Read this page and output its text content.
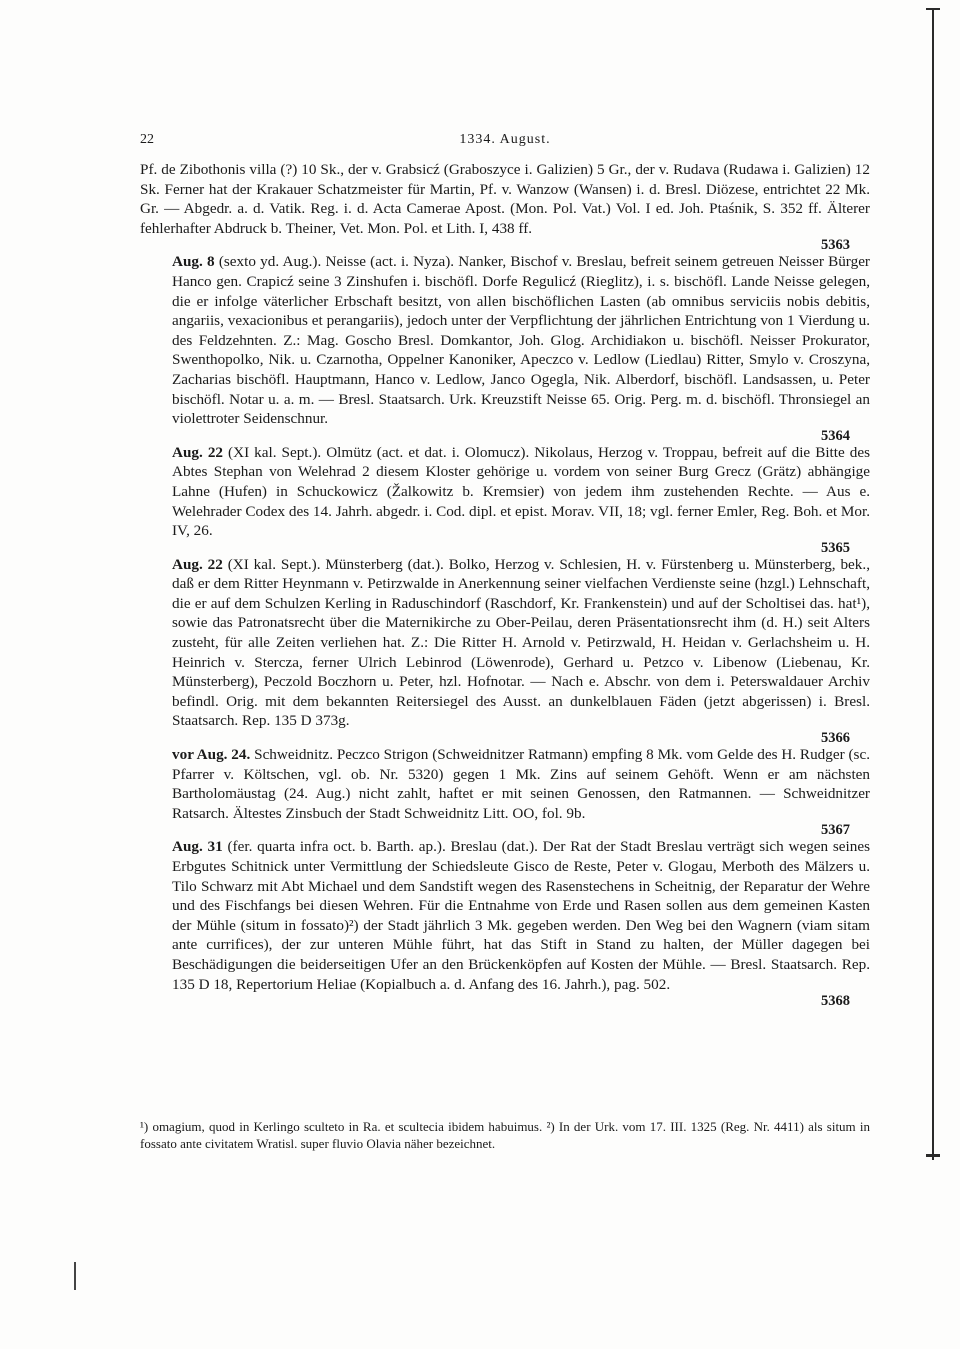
22	1334. August.

Pf. de Zibothonis villa (?) 10 Sk., der v. Grabsicź (Graboszyce i. Galizien) 5 Gr., der v. Rudava (Rudawa i. Galizien) 12 Sk. Ferner hat der Krakauer Schatzmeister für Martin, Pf. v. Wanzow (Wansen) i. d. Bresl. Diözese, entrichtet 22 Mk. Gr. — Abgedr. a. d. Vatik. Reg. i. d. Acta Camerae Apost. (Mon. Pol. Vat.) Vol. I ed. Joh. Ptaśnik, S. 352 ff. Älterer fehlerhafter Abdruck b. Theiner, Vet. Mon. Pol. et Lith. I, 438 ff.

5363

Aug. 8 (sexto yd. Aug.). Neisse (act. i. Nyza). Nanker, Bischof v. Breslau, befreit seinem getreuen Neisser Bürger Hanco gen. Crapicź seine 3 Zinshufen i. bischöfl. Dorfe Regulicź (Rieglitz), i. s. bischöfl. Lande Neisse gelegen, die er infolge väterlicher Erbschaft besitzt, von allen bischöflichen Lasten (ab omnibus serviciis nobis debitis, angariis, vexacionibus et perangariis), jedoch unter der Verpflichtung der jährlichen Entrichtung von 1 Vierdung u. des Feldzehnten. Z.: Mag. Goscho Bresl. Domkantor, Joh. Glog. Archidiakon u. bischöfl. Neisser Prokurator, Swenthopolko, Nik. u. Czarnotha, Oppelner Kanoniker, Apeczco v. Ledlow (Liedlau) Ritter, Smylo v. Croszyna, Zacharias bischöfl. Hauptmann, Hanco v. Ledlow, Janco Ogegla, Nik. Alberdorf, bischöfl. Landsassen, u. Peter bischöfl. Notar u. a. m. — Bresl. Staatsarch. Urk. Kreuzstift Neisse 65. Orig. Perg. m. d. bischöfl. Thronsiegel an violettroter Seidenschnur.

5364

Aug. 22 (XI kal. Sept.). Olmütz (act. et dat. i. Olomucz). Nikolaus, Herzog v. Troppau, befreit auf die Bitte des Abtes Stephan von Welehrad 2 diesem Kloster gehörige u. vordem von seiner Burg Grecz (Grätz) abhängige Lahne (Hufen) in Schuckowicz (Žalkowitz b. Kremsier) von jedem ihm zustehenden Rechte. — Aus e. Welehrader Codex des 14. Jahrh. abgedr. i. Cod. dipl. et epist. Morav. VII, 18; vgl. ferner Emler, Reg. Boh. et Mor. IV, 26.

5365

Aug. 22 (XI kal. Sept.). Münsterberg (dat.). Bolko, Herzog v. Schlesien, H. v. Fürstenberg u. Münsterberg, bek., daß er dem Ritter Heynmann v. Petirzwalde in Anerkennung seiner vielfachen Verdienste seine (hzgl.) Lehnschaft, die er auf dem Schulzen Kerling in Raduschindorf (Raschdorf, Kr. Frankenstein) und auf der Scholtisei das. hat¹), sowie das Patronatsrecht über die Maternikirche zu Ober-Peilau, deren Präsentationsrecht ihm (d. H.) seit Alters zusteht, für alle Zeiten verliehen hat. Z.: Die Ritter H. Arnold v. Petirzwald, H. Heidan v. Gerlachsheim u. H. Heinrich v. Stercza, ferner Ulrich Lebinrod (Löwenrode), Gerhard u. Petzco v. Libenow (Liebenau, Kr. Münsterberg), Peczold Boczhorn u. Peter, hzl. Hofnotar. — Nach e. Abschr. von dem i. Peterswaldauer Archiv befindl. Orig. mit dem bekannten Reitersiegel des Ausst. an dunkelblauen Fäden (jetzt abgerissen) i. Bresl. Staatsarch. Rep. 135 D 373g.

5366

vor Aug. 24. Schweidnitz. Peczco Strigon (Schweidnitzer Ratmann) empfing 8 Mk. vom Gelde des H. Rudger (sc. Pfarrer v. Költschen, vgl. ob. Nr. 5320) gegen 1 Mk. Zins auf seinem Gehöft. Wenn er am nächsten Bartholomäustag (24. Aug.) nicht zahlt, haftet er mit seinen Genossen, den Ratmannen. — Schweidnitzer Ratsarch. Ältestes Zinsbuch der Stadt Schweidnitz Litt. OO, fol. 9b.

5367

Aug. 31 (fer. quarta infra oct. b. Barth. ap.). Breslau (dat.). Der Rat der Stadt Breslau verträgt sich wegen seines Erbgutes Schitnick unter Vermittlung der Schiedsleute Gisco de Reste, Peter v. Glogau, Merboth des Mälzers u. Tilo Schwarz mit Abt Michael und dem Sandstift wegen des Rasenstechens in Scheitnig, der Reparatur der Wehre und des Fischfangs bei diesen Wehren. Für die Entnahme von Erde und Rasen sollen aus dem gemeinen Kasten der Mühle (situm in fossato)²) der Stadt jährlich 3 Mk. gegeben werden. Den Weg bei den Wagnern (viam sitam ante currifices), der zur unteren Mühle führt, hat das Stift in Stand zu halten, der Müller dagegen bei Beschädigungen die beiderseitigen Ufer an den Brückenköpfen auf Kosten der Mühle. — Bresl. Staatsarch. Rep. 135 D 18, Repertorium Heliae (Kopialbuch a. d. Anfang des 16. Jahrh.), pag. 502.

5368
¹) omagium, quod in Kerlingo sculteto in Ra. et scultecia ibidem habuimus. ²) In der Urk. vom 17. III. 1325 (Reg. Nr. 4411) als situm in fossato ante civitatem Wratisl. super fluvio Olavia näher bezeichnet.
